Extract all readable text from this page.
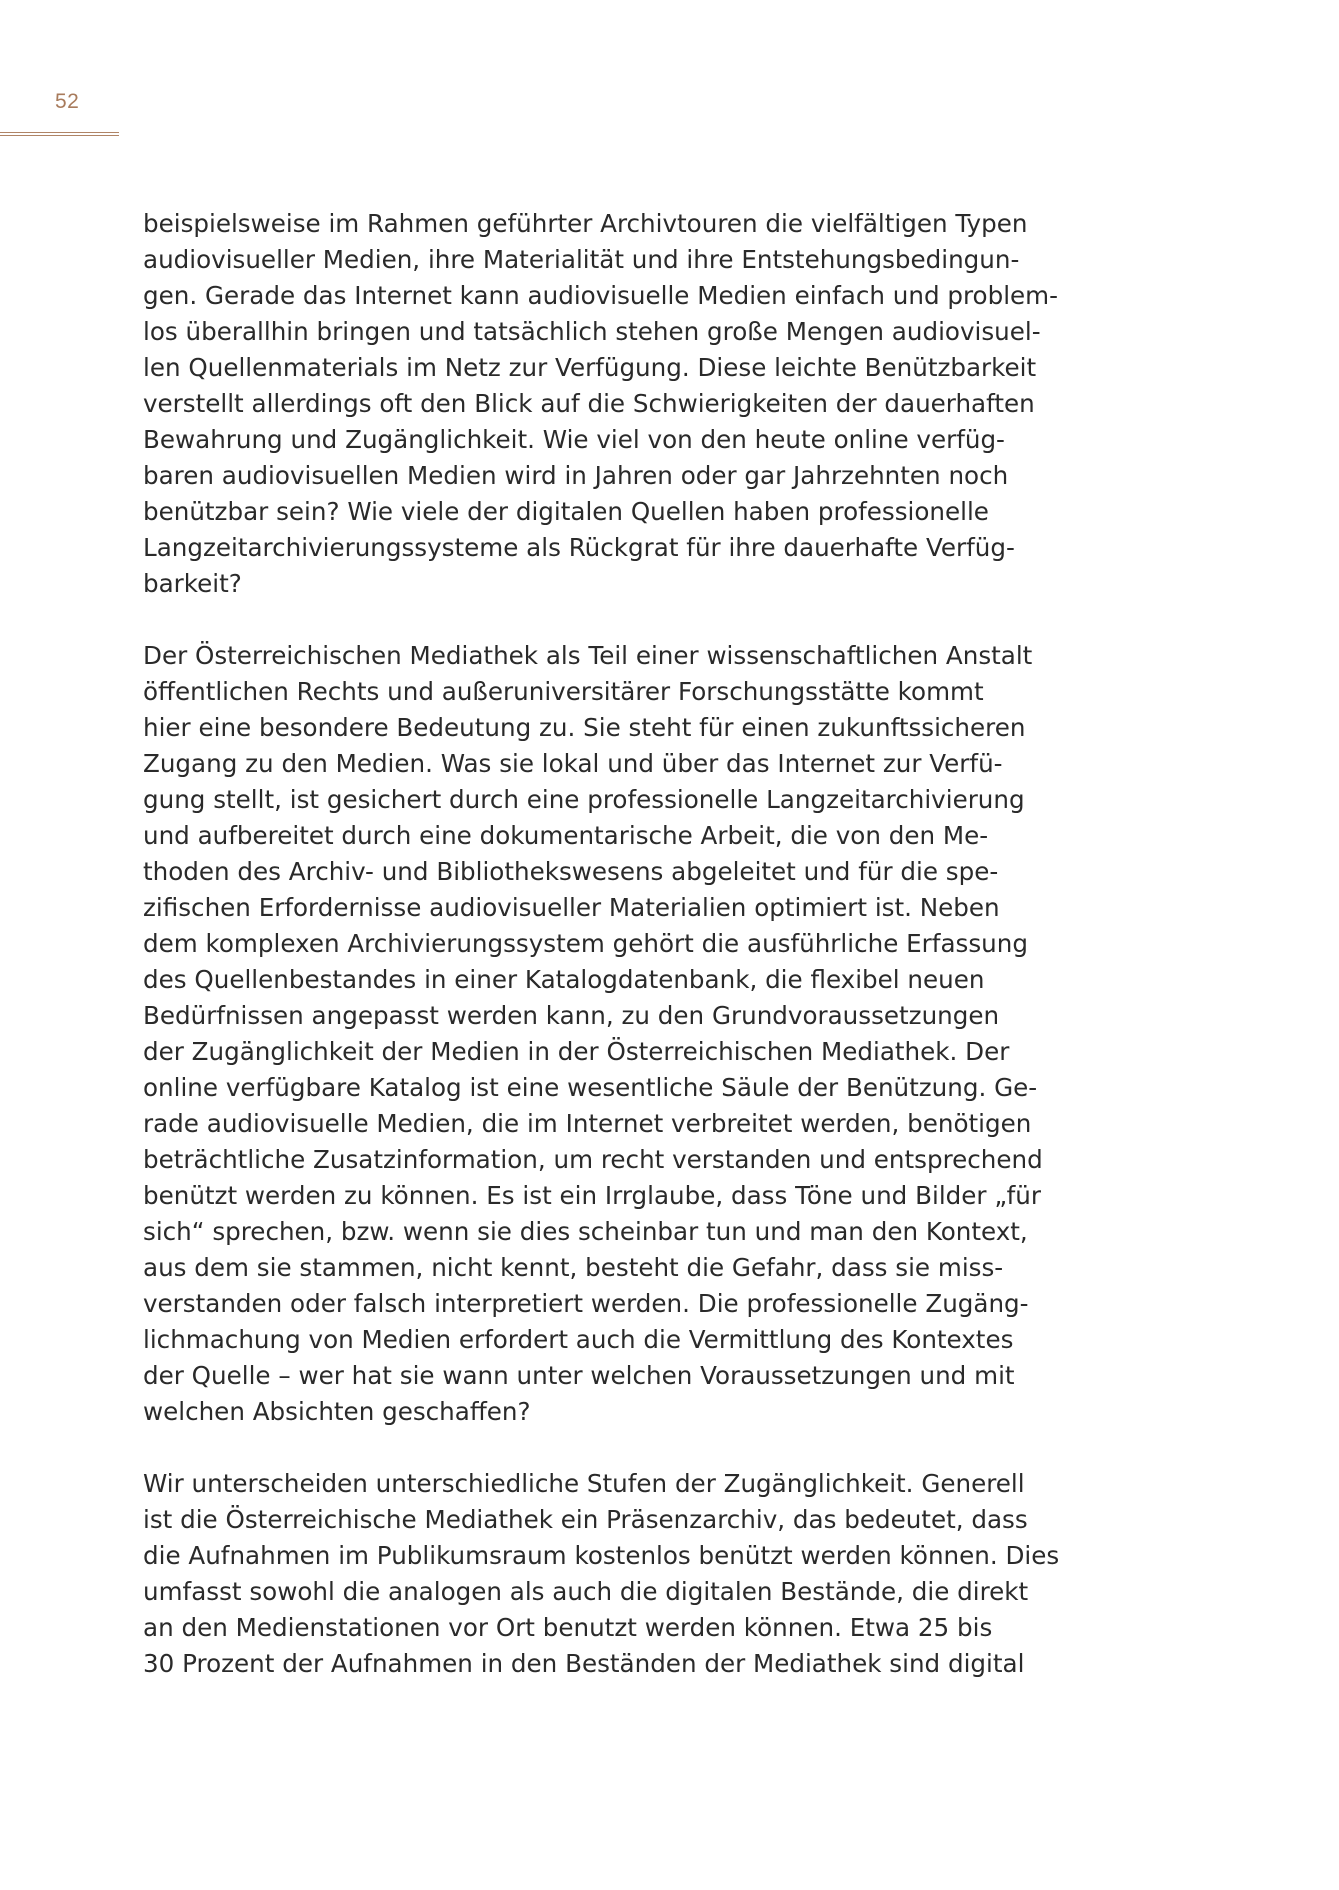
52

beispielsweise im Rahmen geführter Archivtouren die vielfältigen Typen
audiovisueller Medien, ihre Materialität und ihre Entstehungsbedingun-
gen. Gerade das Internet kann audiovisuelle Medien einfach und problem-
los überallhin bringen und tatsächlich stehen große Mengen audiovisuel-
len Quellenmaterials im Netz zur Verfügung. Diese leichte Benützbarkeit
verstellt allerdings oft den Blick auf die Schwierigkeiten der dauerhaften
Bewahrung und Zugänglichkeit. Wie viel von den heute online verfüg-
baren audiovisuellen Medien wird in Jahren oder gar Jahrzehnten noch
benützbar sein? Wie viele der digitalen Quellen haben professionelle
Langzeitarchivierungssysteme als Rückgrat für ihre dauerhafte Verfüg-
barkeit?

Der Österreichischen Mediathek als Teil einer wissenschaftlichen Anstalt
öffentlichen Rechts und außeruniversitärer Forschungsstätte kommt
hier eine besondere Bedeutung zu. Sie steht für einen zukunftssicheren
Zugang zu den Medien. Was sie lokal und über das Internet zur Verfü-
gung stellt, ist gesichert durch eine professionelle Langzeitarchivierung
und aufbereitet durch eine dokumentarische Arbeit, die von den Me-
thoden des Archiv- und Bibliothekswesens abgeleitet und für die spe-
zifischen Erfordernisse audiovisueller Materialien optimiert ist. Neben
dem komplexen Archivierungssystem gehört die ausführliche Erfassung
des Quellenbestandes in einer Katalogdatenbank, die flexibel neuen
Bedürfnissen angepasst werden kann, zu den Grundvoraussetzungen
der Zugänglichkeit der Medien in der Österreichischen Mediathek. Der
online verfügbare Katalog ist eine wesentliche Säule der Benützung. Ge-
rade audiovisuelle Medien, die im Internet verbreitet werden, benötigen
beträchtliche Zusatzinformation, um recht verstanden und entsprechend
benützt werden zu können. Es ist ein Irrglaube, dass Töne und Bilder „für
sich“ sprechen, bzw. wenn sie dies scheinbar tun und man den Kontext,
aus dem sie stammen, nicht kennt, besteht die Gefahr, dass sie miss-
verstanden oder falsch interpretiert werden. Die professionelle Zugäng-
lichmachung von Medien erfordert auch die Vermittlung des Kontextes
der Quelle – wer hat sie wann unter welchen Voraussetzungen und mit
welchen Absichten geschaffen?

Wir unterscheiden unterschiedliche Stufen der Zugänglichkeit. Generell
ist die Österreichische Mediathek ein Präsenzarchiv, das bedeutet, dass
die Aufnahmen im Publikumsraum kostenlos benützt werden können. Dies
umfasst sowohl die analogen als auch die digitalen Bestände, die direkt
an den Medienstationen vor Ort benutzt werden können. Etwa 25 bis
30 Prozent der Aufnahmen in den Beständen der Mediathek sind digital
